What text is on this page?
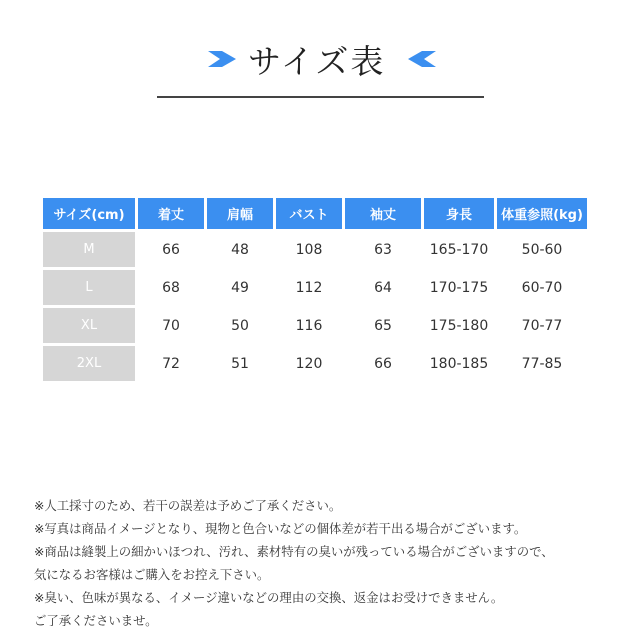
サイズ表
サイズ(cm)	着丈	肩幅	バスト	袖丈	身長	体重参照(kg)
M	66	48	108	63	165-170	50-60
L	68	49	112	64	170-175	60-70
XL	70	50	116	65	175-180	70-77
2XL	72	51	120	66	180-185	77-85
※人工採寸のため、若干の誤差は予めご了承ください。
※写真は商品イメージとなり、現物と色合いなどの個体差が若干出る場合がございます。
※商品は縫製上の細かいほつれ、汚れ、素材特有の臭いが残っている場合がございますので、
気になるお客様はご購入をお控え下さい。
※臭い、色味が異なる、イメージ違いなどの理由の交換、返金はお受けできません。
ご了承くださいませ。
